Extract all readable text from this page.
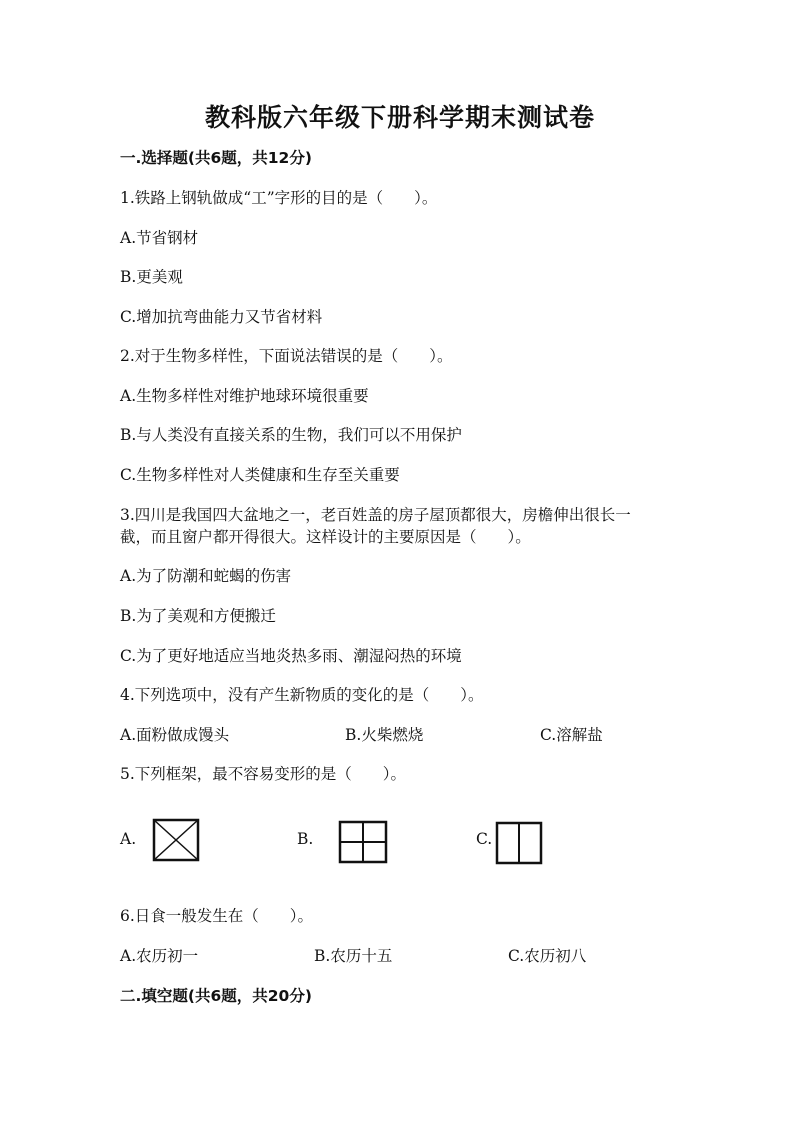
教科版六年级下册科学期末测试卷
一.选择题(共6题，共12分)
1.铁路上钢轨做成“工”字形的目的是（　　）。
A.节省钢材
B.更美观
C.增加抗弯曲能力又节省材料
2.对于生物多样性，下面说法错误的是（　　）。
A.生物多样性对维护地球环境很重要
B.与人类没有直接关系的生物，我们可以不用保护
C.生物多样性对人类健康和生存至关重要
3.四川是我国四大盆地之一，老百姓盖的房子屋顶都很大，房檐伸出很长一
截，而且窗户都开得很大。这样设计的主要原因是（　　）。
A.为了防潮和蛇蝎的伤害
B.为了美观和方便搬迁
C.为了更好地适应当地炎热多雨、潮湿闷热的环境
4.下列选项中，没有产生新物质的变化的是（　　）。
A.面粉做成馒头	B.火柴燃烧	C.溶解盐
5.下列框架，最不容易变形的是（　　）。
A.	B.	C.
6.日食一般发生在（　　）。
A.农历初一	B.农历十五	C.农历初八
二.填空题(共6题，共20分)
